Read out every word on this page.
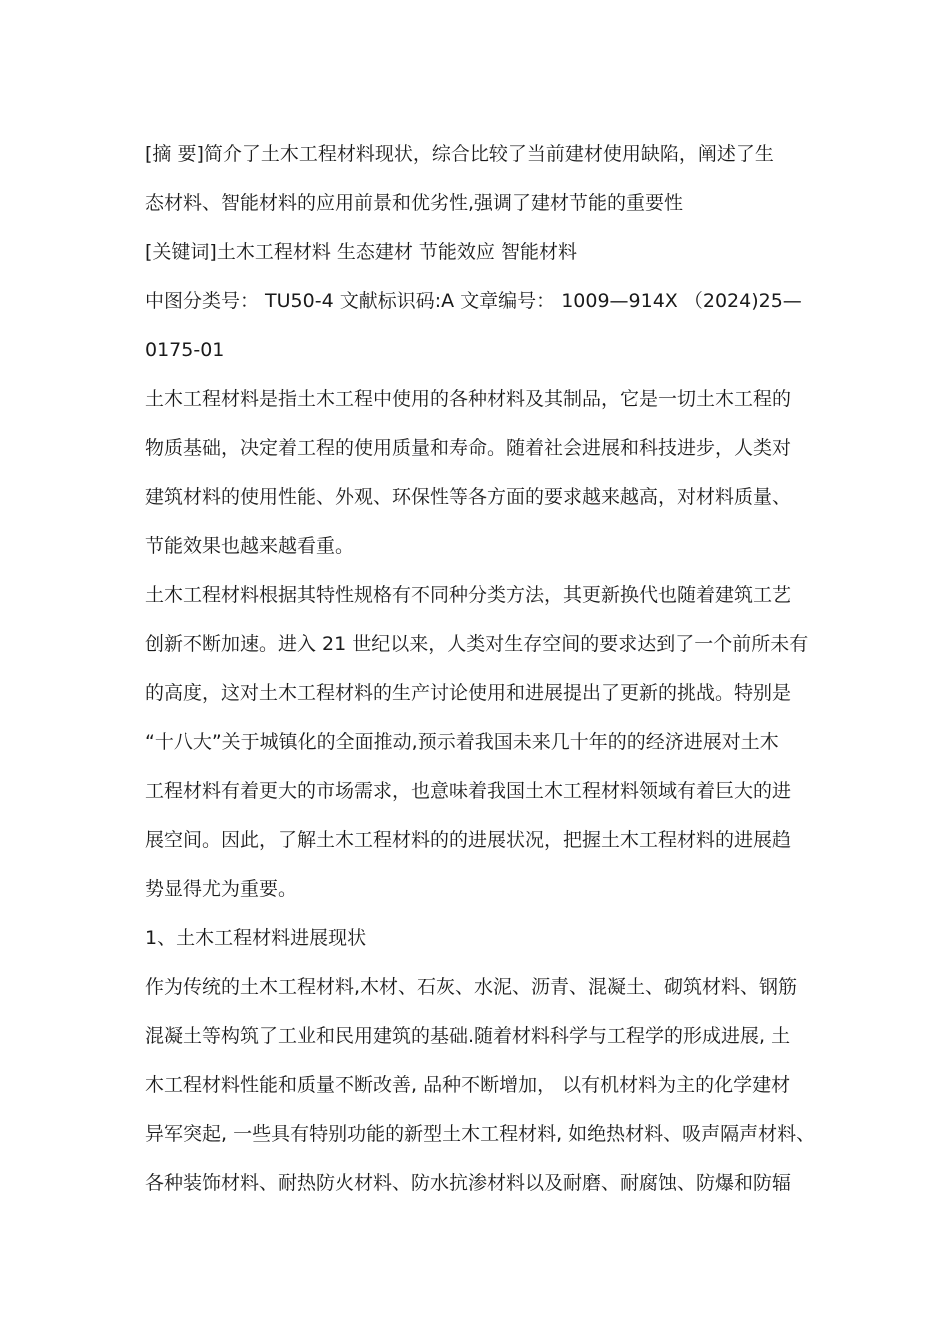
[摘 要]简介了土木工程材料现状，综合比较了当前建材使用缺陷，阐述了生

态材料、智能材料的应用前景和优劣性,强调了建材节能的重要性

[关键词]土木工程材料 生态建材 节能效应 智能材料

中图分类号： TU50-4 文献标识码:A 文章编号： 1009—914X （2024)25—

0175-01

土木工程材料是指土木工程中使用的各种材料及其制品，它是一切土木工程的

物质基础，决定着工程的使用质量和寿命。随着社会进展和科技进步，人类对

建筑材料的使用性能、外观、环保性等各方面的要求越来越高，对材料质量、

节能效果也越来越看重。

土木工程材料根据其特性规格有不同种分类方法，其更新换代也随着建筑工艺

创新不断加速。进入 21 世纪以来，人类对生存空间的要求达到了一个前所未有

的高度，这对土木工程材料的生产讨论使用和进展提出了更新的挑战。特别是

“十八大”关于城镇化的全面推动,预示着我国未来几十年的的经济进展对土木

工程材料有着更大的市场需求，也意味着我国土木工程材料领域有着巨大的进

展空间。因此，了解土木工程材料的的进展状况，把握土木工程材料的进展趋

势显得尤为重要。

1、土木工程材料进展现状

作为传统的土木工程材料,木材、石灰、水泥、沥青、混凝土、砌筑材料、钢筋

混凝土等构筑了工业和民用建筑的基础.随着材料科学与工程学的形成进展, 土

木工程材料性能和质量不断改善, 品种不断增加， 以有机材料为主的化学建材

异军突起, 一些具有特别功能的新型土木工程材料, 如绝热材料、吸声隔声材料、

各种装饰材料、耐热防火材料、防水抗渗材料以及耐磨、耐腐蚀、防爆和防辐
